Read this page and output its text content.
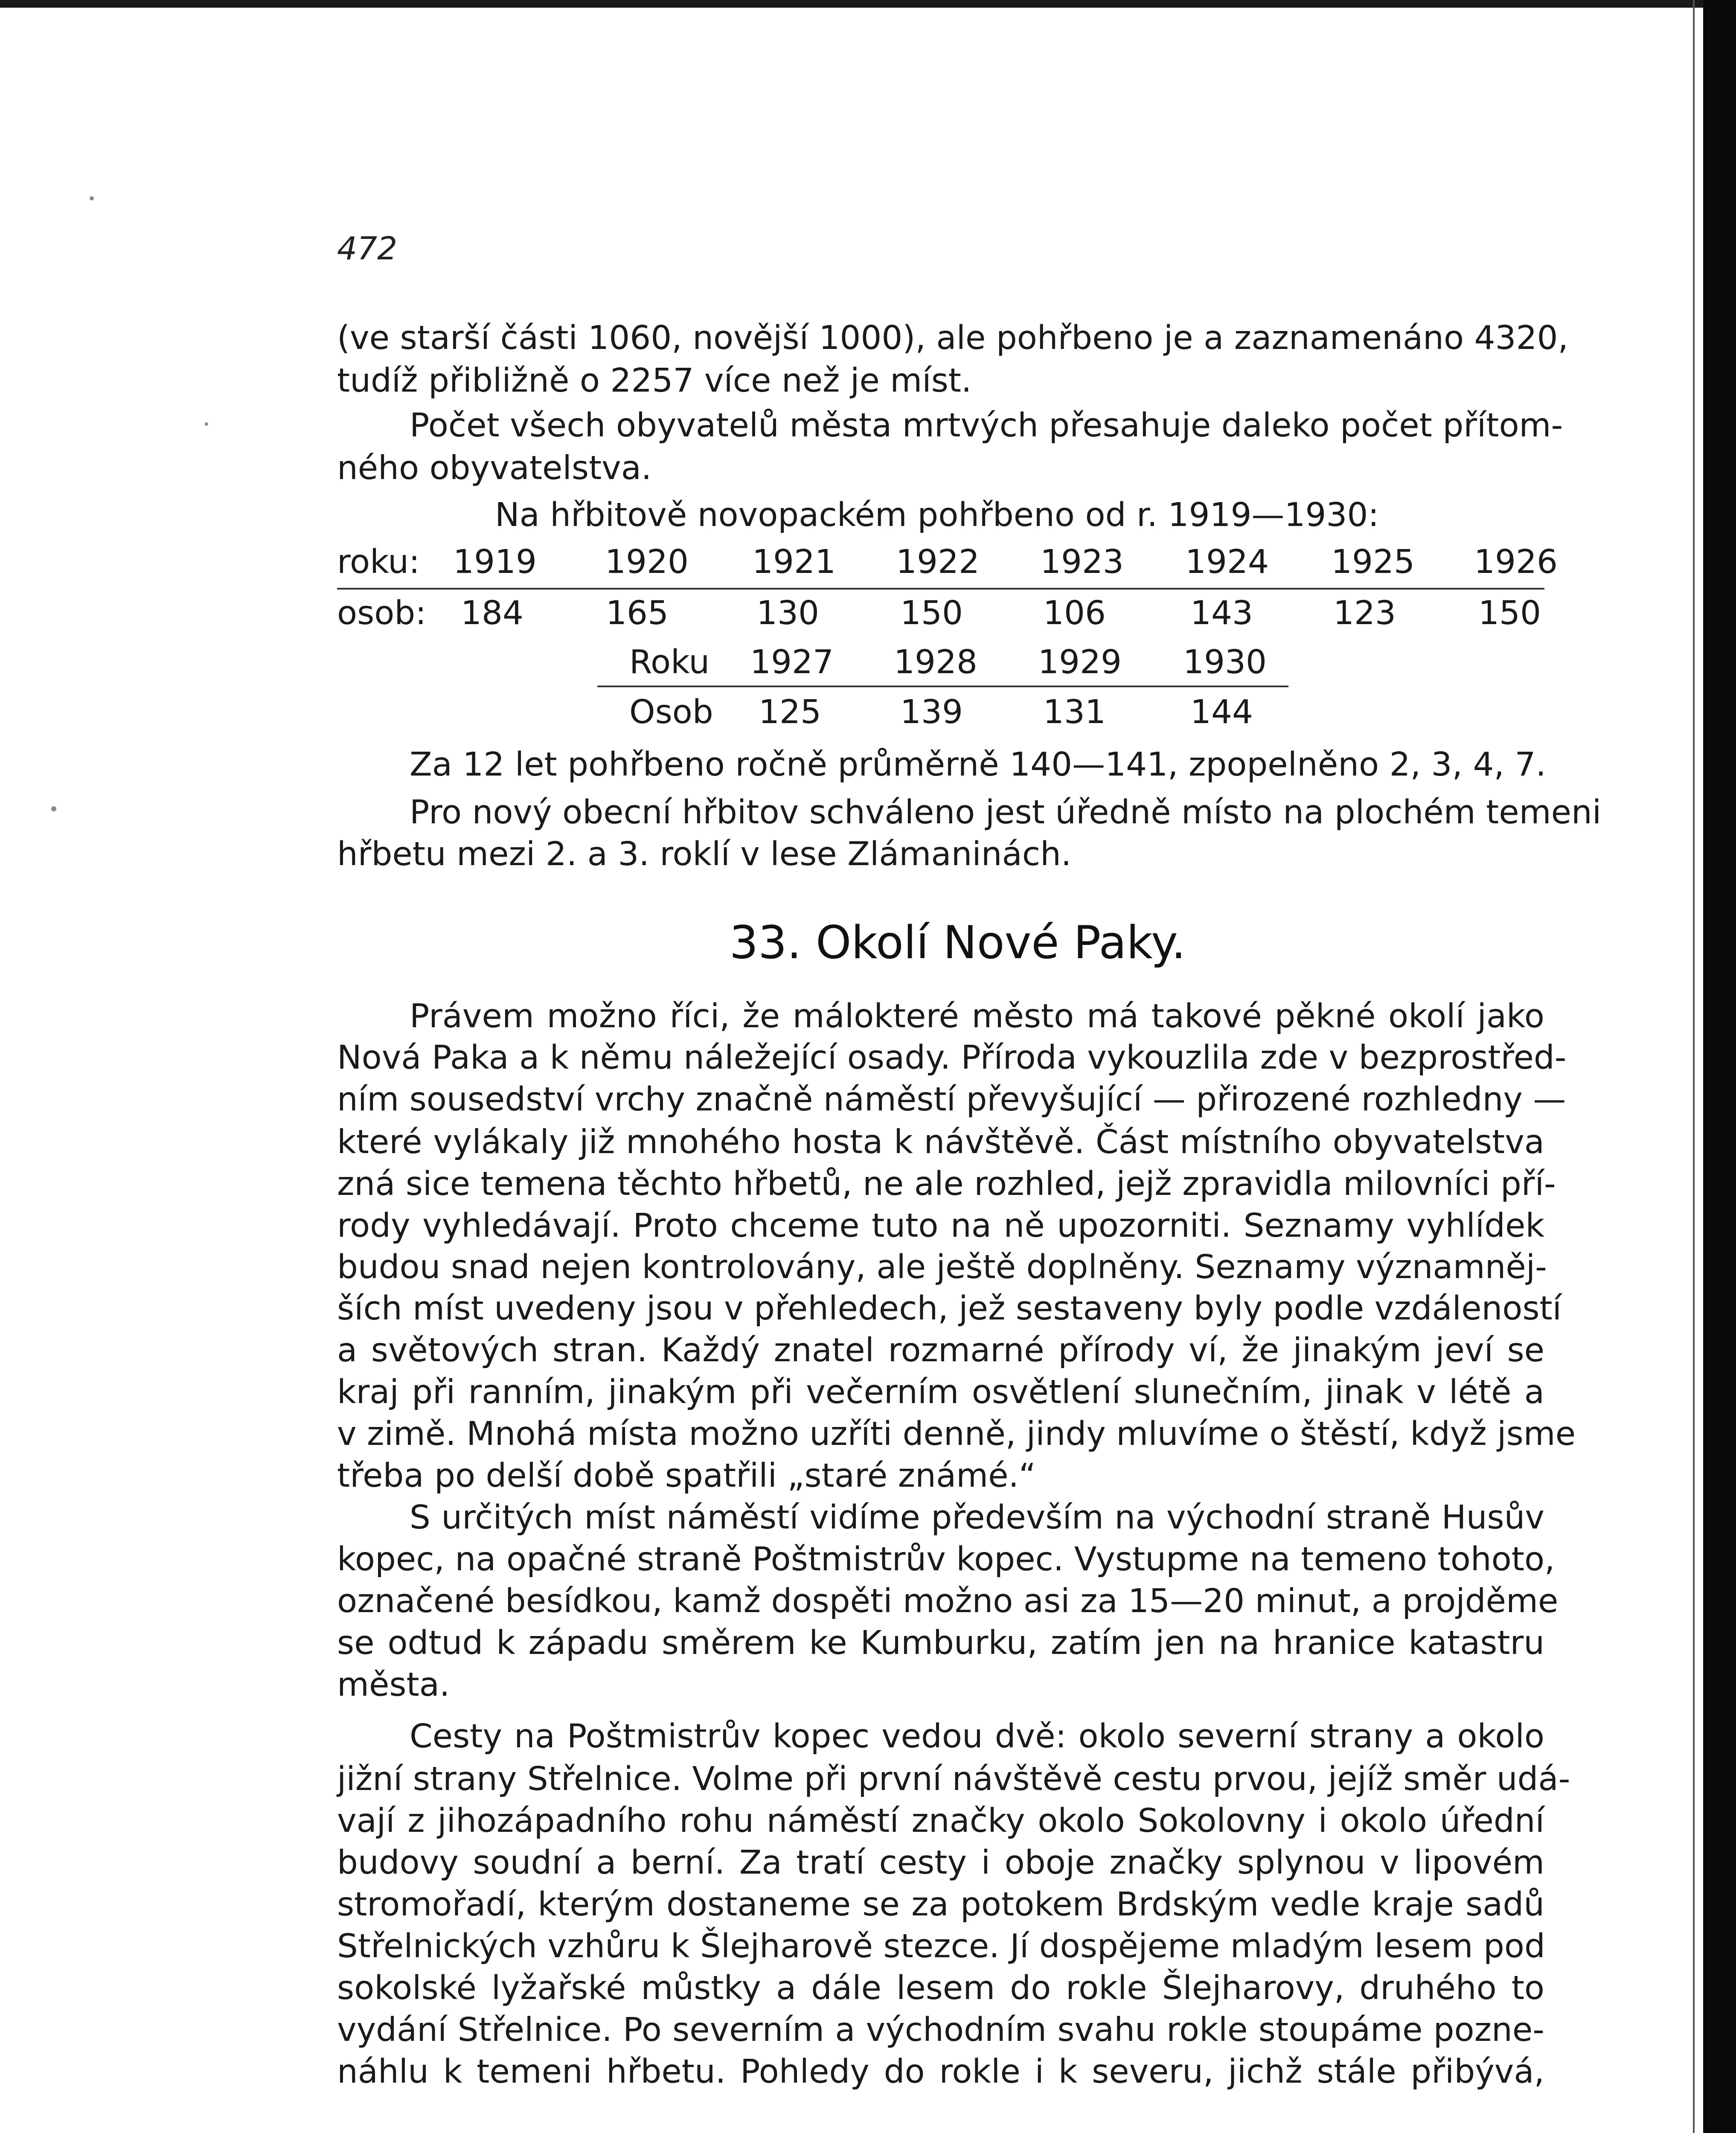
472
(ve starší části 1060, novější 1000), ale pohřbeno je a zaznamenáno 4320,
tudíž přibližně o 2257 více než je míst.
Počet všech obyvatelů města mrtvých přesahuje daleko počet přítom-
ného obyvatelstva.
Na hřbitově novopackém pohřbeno od r. 1919—1930:
roku: 1919 1920 1921 1922 1923 1924 1925 1926
osob: 184	165	130 150 106	143 123	150
Roku 1927 1928 1929 1930
Osob 125 139 131	144
Za 12 let pohřbeno ročně průměrně 140—141, zpopelněno 2, 3, 4, 7.
Pro nový obecní hřbitov schváleno jest úředně místo na plochém temeni
hřbetu mezi 2. a 3. roklí v lese Zlámaninách.
33. Okolí Nové Paky.
Právem možno říci, že málokteré město má takové pěkné okolí jako
Nová Paka a k němu náležející osady. Příroda vykouzlila zde v bezprostřed-
ním sousedství vrchy značně náměstí převyšující — přirozené rozhledny —
které vylákaly již mnohého hosta k návštěvě. Část místního obyvatelstva
zná sice temena těchto hřbetů, ne ale rozhled, jejž zpravidla milovníci pří-
rody vyhledávají. Proto chceme tuto na ně upozorniti. Seznamy vyhlídek
budou snad nejen kontrolovány, ale ještě doplněny. Seznamy významněj-
ších míst uvedeny jsou v přehledech, jež sestaveny byly podle vzdáleností
a světových stran. Každý znatel rozmarné přírody ví, že jinakým jeví se
kraj při ranním, jinakým při večerním osvětlení slunečním, jinak v létě a
v zimě. Mnohá místa možno uzříti denně, jindy mluvíme o štěstí, když jsme
třeba po delší době spatřili „staré známé.“
S určitých míst náměstí vidíme především na východní straně Husův
kopec, na opačné straně Poštmistrův kopec. Vystupme na temeno tohoto,
označené besídkou, kamž dospěti možno asi za 15—20 minut, a projděme
se odtud k západu směrem ke Kumburku, zatím jen na hranice katastru
města.
Cesty na Poštmistrův kopec vedou dvě: okolo severní strany a okolo
jižní strany Střelnice. Volme při první návštěvě cestu prvou, jejíž směr udá-
vají z jihozápadního rohu náměstí značky okolo Sokolovny i okolo úřední
budovy soudní a berní. Za tratí cesty i oboje značky splynou v lipovém
stromořadí, kterým dostaneme se za potokem Brdským vedle kraje sadů
Střelnických vzhůru k Šlejharově stezce. Jí dospějeme mladým lesem pod
sokolské lyžařské můstky a dále lesem do rokle Šlejharovy, druhého to
vydání Střelnice. Po severním a východním svahu rokle stoupáme pozne-
náhlu k temeni hřbetu. Pohledy do rokle i k severu, jichž stále přibývá,
